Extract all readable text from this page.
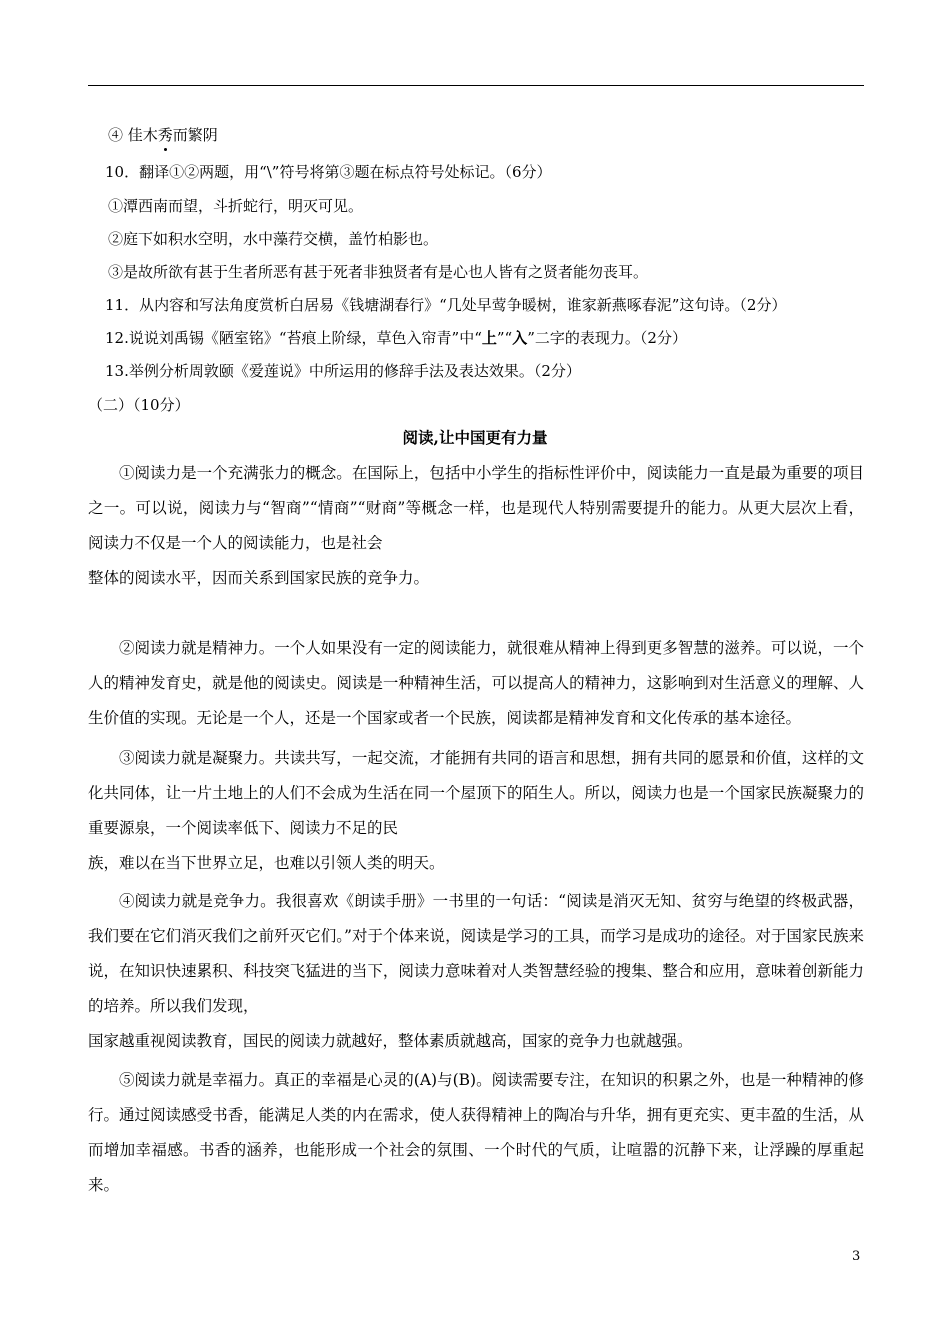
④ 佳木秀而繁阴
10．翻译①②两题，用“\”符号将第③题在标点符号处标记。（6分）
①潭西南而望，斗折蛇行，明灭可见。
②庭下如积水空明，水中藻荇交横，盖竹柏影也。
③是故所欲有甚于生者所恶有甚于死者非独贤者有是心也人皆有之贤者能勿丧耳。
11．从内容和写法角度赏析白居易《钱塘湖春行》“几处早莺争暖树，谁家新燕啄春泥”这句诗。（2分）
12.说说刘禹锡《陋室铭》“苔痕上阶绿，草色入帘青”中“上”“入”二字的表现力。（2分）
13.举例分析周敦颐《爱莲说》中所运用的修辞手法及表达效果。（2分）
（二）（10分）
阅读,让中国更有力量
①阅读力是一个充满张力的概念。在国际上，包括中小学生的指标性评价中，阅读能力一直是最为重要的项目之一。可以说，阅读力与“智商”“情商”“财商”等概念一样，也是现代人特别需要提升的能力。从更大层次上看，阅读力不仅是一个人的阅读能力，也是社会
整体的阅读水平，因而关系到国家民族的竞争力。
②阅读力就是精神力。一个人如果没有一定的阅读能力，就很难从精神上得到更多智慧的滋养。可以说，一个人的精神发育史，就是他的阅读史。阅读是一种精神生活，可以提高人的精神力，这影响到对生活意义的理解、人生价值的实现。无论是一个人，还是一个国家或者一个民族，阅读都是精神发育和文化传承的基本途径。
③阅读力就是凝聚力。共读共写，一起交流，才能拥有共同的语言和思想，拥有共同的愿景和价值，这样的文化共同体，让一片土地上的人们不会成为生活在同一个屋顶下的陌生人。所以，阅读力也是一个国家民族凝聚力的重要源泉，一个阅读率低下、阅读力不足的民
族，难以在当下世界立足，也难以引领人类的明天。
④阅读力就是竞争力。我很喜欢《朗读手册》一书里的一句话：“阅读是消灭无知、贫穷与绝望的终极武器，我们要在它们消灭我们之前歼灭它们。”对于个体来说，阅读是学习的工具，而学习是成功的途径。对于国家民族来说，在知识快速累积、科技突飞猛进的当下，阅读力意味着对人类智慧经验的搜集、整合和应用，意味着创新能力的培养。所以我们发现，
国家越重视阅读教育，国民的阅读力就越好，整体素质就越高，国家的竞争力也就越强。
⑤阅读力就是幸福力。真正的幸福是心灵的(A)与(B)。阅读需要专注，在知识的积累之外，也是一种精神的修行。通过阅读感受书香，能满足人类的内在需求，使人获得精神上的陶冶与升华，拥有更充实、更丰盈的生活，从而增加幸福感。书香的涵养，也能形成一个社会的氛围、一个时代的气质，让喧嚣的沉静下来，让浮躁的厚重起来。
3
